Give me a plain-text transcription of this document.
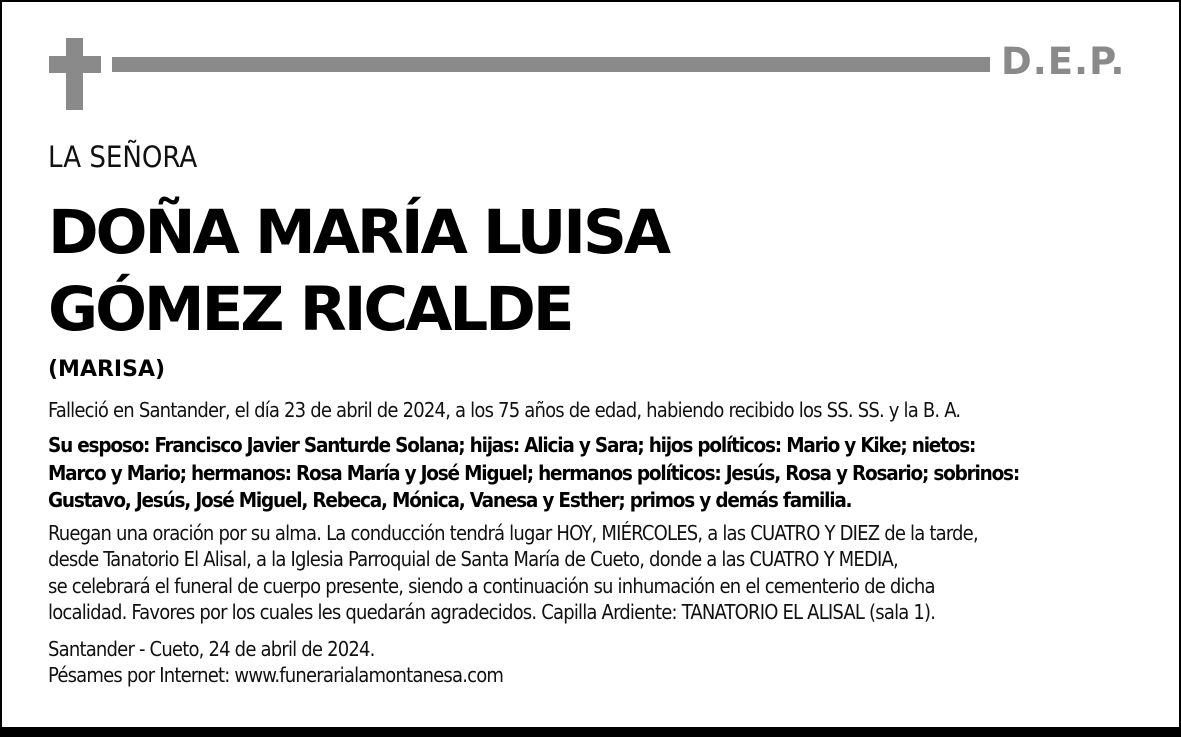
D.E.P.
LA SEÑORA
DOÑA MARÍA LUISA
GÓMEZ RICALDE
(MARISA)
Falleció en Santander, el día 23 de abril de 2024, a los 75 años de edad, habiendo recibido los SS. SS. y la B. A.
Su esposo: Francisco Javier Santurde Solana; hijas: Alicia y Sara; hijos políticos: Mario y Kike; nietos:
Marco y Mario; hermanos: Rosa María y José Miguel; hermanos políticos: Jesús, Rosa y Rosario; sobrinos:
Gustavo, Jesús, José Miguel, Rebeca, Mónica, Vanesa y Esther; primos y demás familia.
Ruegan una oración por su alma. La conducción tendrá lugar HOY, MIÉRCOLES, a las CUATRO Y DIEZ de la tarde,
desde Tanatorio El Alisal, a la Iglesia Parroquial de Santa María de Cueto, donde a las CUATRO Y MEDIA,
se celebrará el funeral de cuerpo presente, siendo a continuación su inhumación en el cementerio de dicha
localidad. Favores por los cuales les quedarán agradecidos. Capilla Ardiente: TANATORIO EL ALISAL (sala 1).
Santander - Cueto, 24 de abril de 2024.
Pésames por Internet: www.funerarialamontanesa.com
